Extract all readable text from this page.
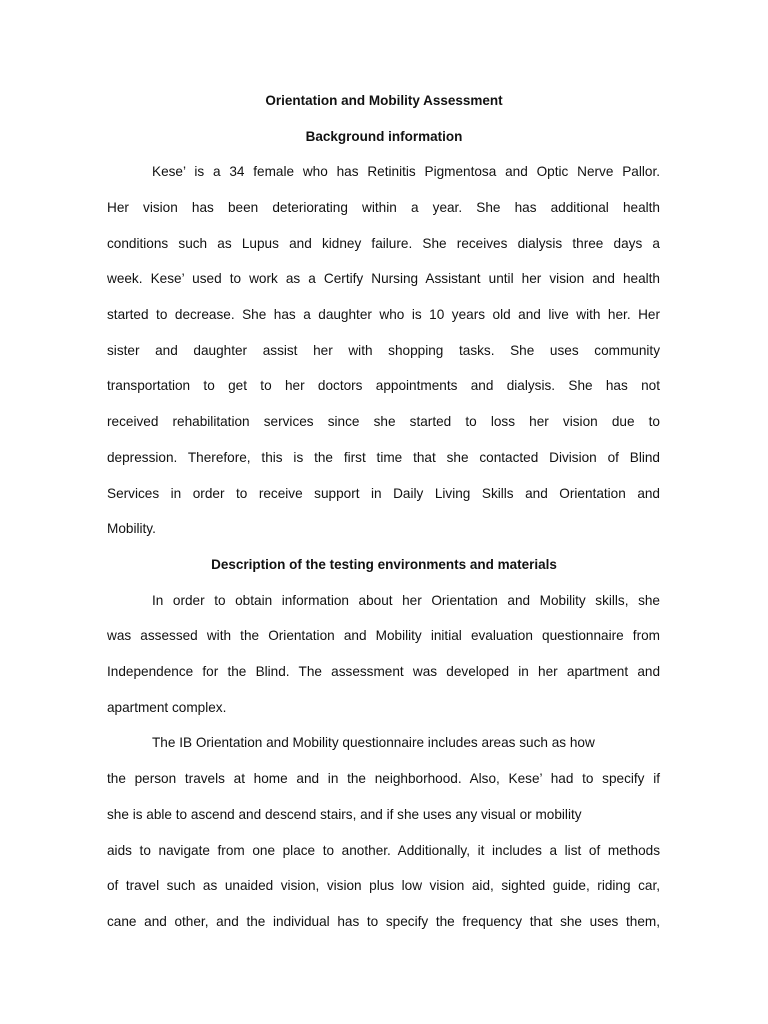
Orientation and Mobility Assessment

Background information

Kese’ is a 34 female who has Retinitis Pigmentosa and Optic Nerve Pallor.

Her vision has been deteriorating within a year. She has additional health

conditions such as Lupus and kidney failure. She receives dialysis three days a

week. Kese’ used to work as a Certify Nursing Assistant until her vision and health

started to decrease. She has a daughter who is 10 years old and live with her. Her

sister and daughter assist her with shopping tasks. She uses community

transportation to get to her doctors appointments and dialysis. She has not

received rehabilitation services since she started to loss her vision due to

depression. Therefore, this is the first time that she contacted Division of Blind

Services in order to receive support in Daily Living Skills and Orientation and

Mobility.

Description of the testing environments and materials

In order to obtain information about her Orientation and Mobility skills, she

was assessed with the Orientation and Mobility initial evaluation questionnaire from

Independence for the Blind. The assessment was developed in her apartment and

apartment complex.

The IB Orientation and Mobility questionnaire includes areas such as how

the person travels at home and in the neighborhood. Also, Kese’ had to specify if

she is able to ascend and descend stairs, and if she uses any visual or mobility

aids to navigate from one place to another. Additionally, it includes a list of methods

of travel such as unaided vision, vision plus low vision aid, sighted guide, riding car,

cane and other, and the individual has to specify the frequency that she uses them,
